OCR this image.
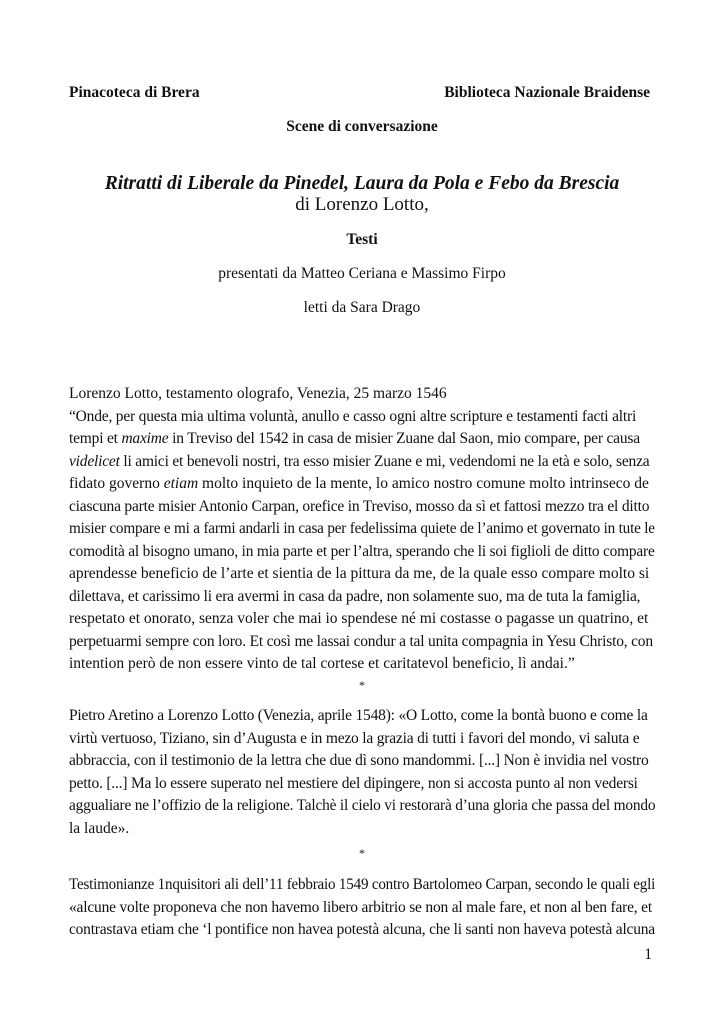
Pinacoteca di Brera	Biblioteca Nazionale Braidense
Scene di conversazione
Ritratti di Liberale da Pinedel, Laura da Pola e Febo da Brescia
di Lorenzo Lotto,
Testi
presentati da Matteo Ceriana e Massimo Firpo
letti da Sara Drago
Lorenzo Lotto, testamento olografo, Venezia, 25 marzo 1546
“Onde, per questa mia ultima voluntà, anullo e casso ogni altre scripture e testamenti facti altri
tempi et maxime in Treviso del 1542 in casa de misier Zuane dal Saon, mio compare, per causa
videlicet li amici et benevoli nostri, tra esso misier Zuane e mi, vedendomi ne la età e solo, senza
fidato governo etiam molto inquieto de la mente, lo amico nostro comune molto intrinseco de
ciascuna parte misier Antonio Carpan, orefice in Treviso, mosso da sì et fattosi mezzo tra el ditto
misier compare e mi a farmi andarli in casa per fedelissima quiete de l’animo et governato in tute le
comodità al bisogno umano, in mia parte et per l’altra, sperando che li soi figlioli de ditto compare
aprendesse beneficio de l’arte et sientia de la pittura da me, de la quale esso compare molto si
dilettava, et carissimo li era avermi in casa da padre, non solamente suo, ma de tuta la famiglia,
respetato et onorato, senza voler che mai io spendese né mi costasse o pagasse un quatrino, et
perpetuarmi sempre con loro. Et così me lassai condur a tal unita compagnia in Yesu Christo, con
intention però de non essere vinto de tal cortese et caritatevol beneficio, lì andai.”
*
Pietro Aretino a Lorenzo Lotto (Venezia, aprile 1548): «O Lotto, come la bontà buono e come la
virtù vertuoso, Tiziano, sin d’Augusta e in mezo la grazia di tutti i favori del mondo, vi saluta e
abbraccia, con il testimonio de la lettra che due dì sono mandommi. [...] Non è invidia nel vostro
petto. [...] Ma lo essere superato nel mestiere del dipingere, non si accosta punto al non vedersi
aggualiare ne l’offizio de la religione. Talchè il cielo vi restorarà d’una gloria che passa del mondo
la laude».
*
Testimonianze 1nquisitori ali dell’11 febbraio 1549 contro Bartolomeo Carpan, secondo le quali egli
«alcune volte proponeva che non havemo libero arbitrio se non al male fare, et non al ben fare, et
contrastava etiam che ‘l pontifice non havea potestà alcuna, che li santi non haveva potestà alcuna
1
